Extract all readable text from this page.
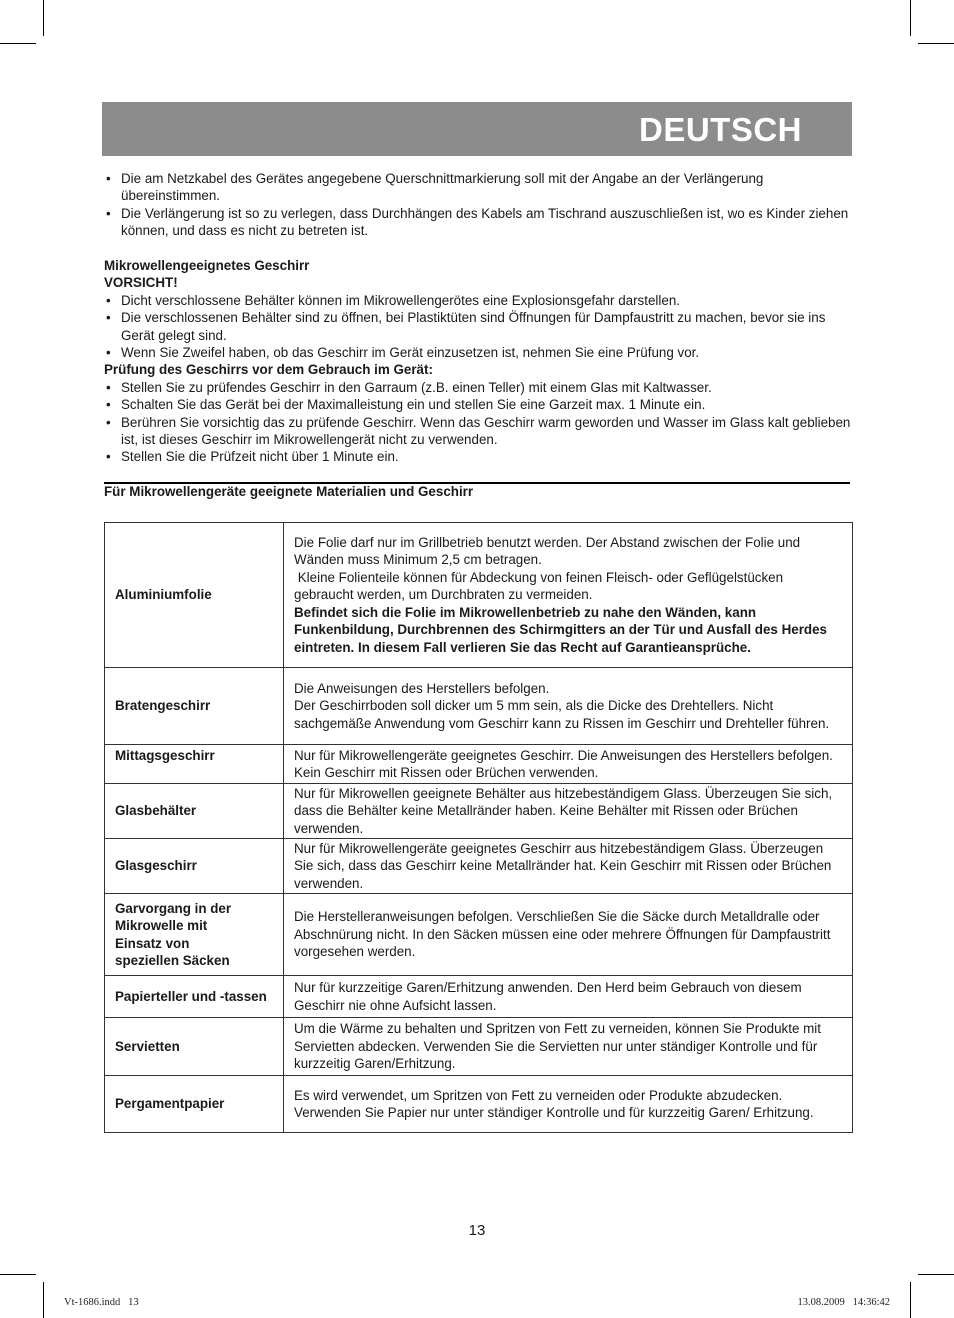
DEUTSCH
• Die am Netzkabel des Gerätes angegebene Querschnittmarkierung soll mit der Angabe an der Verlängerung übereinstimmen.
• Die Verlängerung ist so zu verlegen, dass Durchhängen des Kabels am Tischrand auszuschließen ist, wo es Kinder ziehen können, und dass es nicht zu betreten ist.
Mikrowellengeeignetes Geschirr
VORSICHT!
• Dicht verschlossene Behälter können im Mikrowellengerötes eine Explosionsgefahr darstellen.
• Die verschlossenen Behälter sind zu öffnen, bei Plastiktüten sind Öffnungen für Dampfaustritt zu machen, bevor sie ins Gerät gelegt sind.
• Wenn Sie Zweifel haben, ob das Geschirr im Gerät einzusetzen ist, nehmen Sie eine Prüfung vor.
Prüfung des Geschirrs vor dem Gebrauch im Gerät:
• Stellen Sie zu prüfendes Geschirr in den Garraum (z.B. einen Teller) mit einem Glas mit Kaltwasser.
• Schalten Sie das Gerät bei der Maximalleistung ein und stellen Sie eine Garzeit max. 1 Minute ein.
• Berühren Sie vorsichtig das zu prüfende Geschirr. Wenn das Geschirr warm geworden und Wasser im Glass kalt geblieben ist, ist dieses Geschirr im Mikrowellengerät nicht zu verwenden.
• Stellen Sie die Prüfzeit nicht über 1 Minute ein.
Für Mikrowellengeräte geeignete Materialien und Geschirr
Aluminiumfolie	Die Folie darf nur im Grillbetrieb benutzt werden. Der Abstand zwischen der Folie und Wänden muss Minimum 2,5 cm betragen.
Kleine Folienteile können für Abdeckung von feinen Fleisch- oder Geflügelstücken gebraucht werden, um Durchbraten zu vermeiden.
Befindet sich die Folie im Mikrowellenbetrieb zu nahe den Wänden, kann Funkenbildung, Durchbrennen des Schirmgitters an der Tür und Ausfall des Herdes eintreten. In diesem Fall verlieren Sie das Recht auf Garantieansprüche.

Bratengeschirr	Die Anweisungen des Herstellers befolgen.
Der Geschirrboden soll dicker um 5 mm sein, als die Dicke des Drehtellers. Nicht sachgemäße Anwendung vom Geschirr kann zu Rissen im Geschirr und Drehteller führen.

Mittagsgeschirr	Nur für Mikrowellengeräte geeignetes Geschirr. Die Anweisungen des Herstellers befolgen. Kein Geschirr mit Rissen oder Brüchen verwenden.
Glasbehälter	Nur für Mikrowellen geeignete Behälter aus hitzebeständigem Glass. Überzeugen Sie sich, dass die Behälter keine Metallränder haben. Keine Behälter mit Rissen oder Brüchen verwenden.
Glasgeschirr	Nur für Mikrowellengeräte geeignetes Geschirr aus hitzebeständigem Glass. Überzeugen Sie sich, dass das Geschirr keine Metallränder hat. Kein Geschirr mit Rissen oder Brüchen verwenden.
Garvorgang in der Mikrowelle mit Einsatz von speziellen Säcken	Die Herstelleranweisungen befolgen. Verschließen Sie die Säcke durch Metalldralle oder Abschnürung nicht. In den Säcken müssen eine oder mehrere Öffnungen für Dampfaustritt vorgesehen werden.
Papierteller und -tassen	Nur für kurzzeitige Garen/Erhitzung anwenden. Den Herd beim Gebrauch von diesem Geschirr nie ohne Aufsicht lassen.
Servietten	Um die Wärme zu behalten und Spritzen von Fett zu verneiden, können Sie Produkte mit Servietten abdecken. Verwenden Sie die Servietten nur unter ständiger Kontrolle und für kurzzeitig Garen/Erhitzung.
Pergamentpapier	Es wird verwendet, um Spritzen von Fett zu verneiden oder Produkte abzudecken. Verwenden Sie Papier nur unter ständiger Kontrolle und für kurzzeitig Garen/ Erhitzung.
13
Vt-1686.indd   13	13.08.2009   14:36:42
